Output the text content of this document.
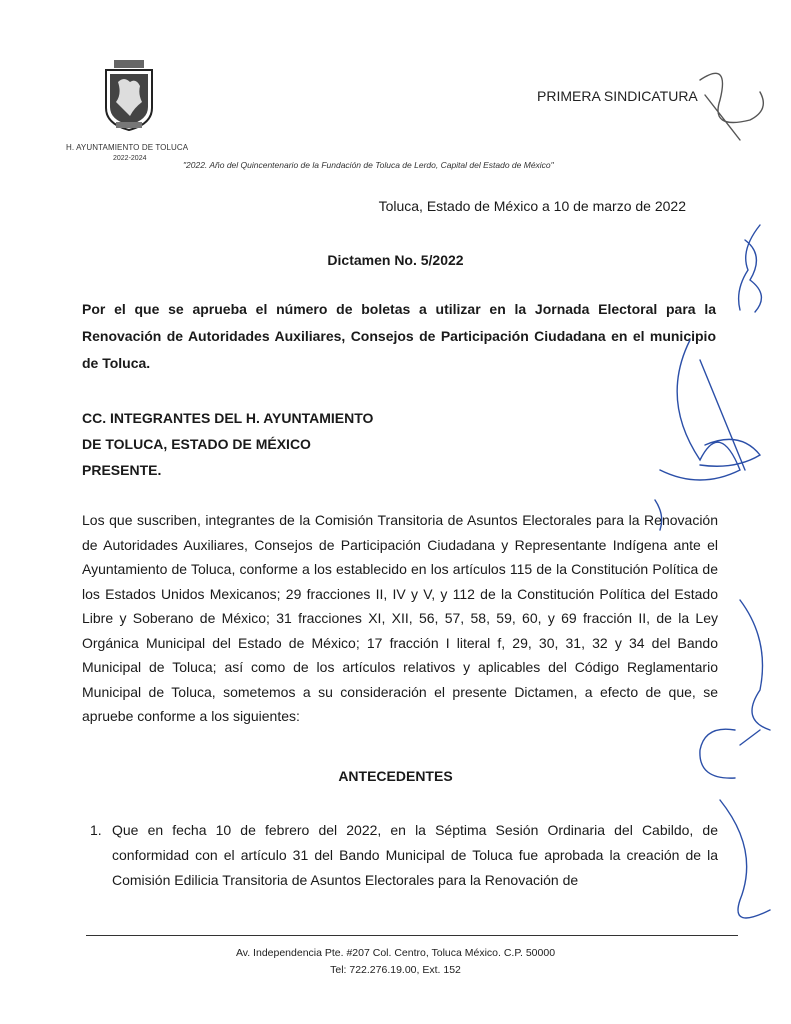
H. AYUNTAMIENTO DE TOLUCA
2022-2024
"2022. Año del Quincentenario de la Fundación de Toluca de Lerdo, Capital del Estado de México"
PRIMERA SINDICATURA
Toluca, Estado de México a 10 de marzo de 2022
Dictamen No. 5/2022
Por el que se aprueba el número de boletas a utilizar en la Jornada Electoral para la Renovación de Autoridades Auxiliares, Consejos de Participación Ciudadana en el municipio de Toluca.
CC. INTEGRANTES DEL H. AYUNTAMIENTO
DE TOLUCA, ESTADO DE MÉXICO
PRESENTE.
Los que suscriben, integrantes de la Comisión Transitoria de Asuntos Electorales para la Renovación de Autoridades Auxiliares, Consejos de Participación Ciudadana y Representante Indígena ante el Ayuntamiento de Toluca, conforme a los establecido en los artículos 115 de la Constitución Política de los Estados Unidos Mexicanos; 29 fracciones II, IV y V, y 112 de la Constitución Política del Estado Libre y Soberano de México; 31 fracciones XI, XII, 56, 57, 58, 59, 60, y 69 fracción II, de la Ley Orgánica Municipal del Estado de México; 17 fracción I literal f, 29, 30, 31, 32 y 34 del Bando Municipal de Toluca; así como de los artículos relativos y aplicables del Código Reglamentario Municipal de Toluca, sometemos a su consideración el presente Dictamen, a efecto de que, se apruebe conforme a los siguientes:
ANTECEDENTES
1. Que en fecha 10 de febrero del 2022, en la Séptima Sesión Ordinaria del Cabildo, de conformidad con el artículo 31 del Bando Municipal de Toluca fue aprobada la creación de la Comisión Edilicia Transitoria de Asuntos Electorales para la Renovación de
Av. Independencia Pte. #207 Col. Centro, Toluca México. C.P. 50000
Tel: 722.276.19.00, Ext. 152
